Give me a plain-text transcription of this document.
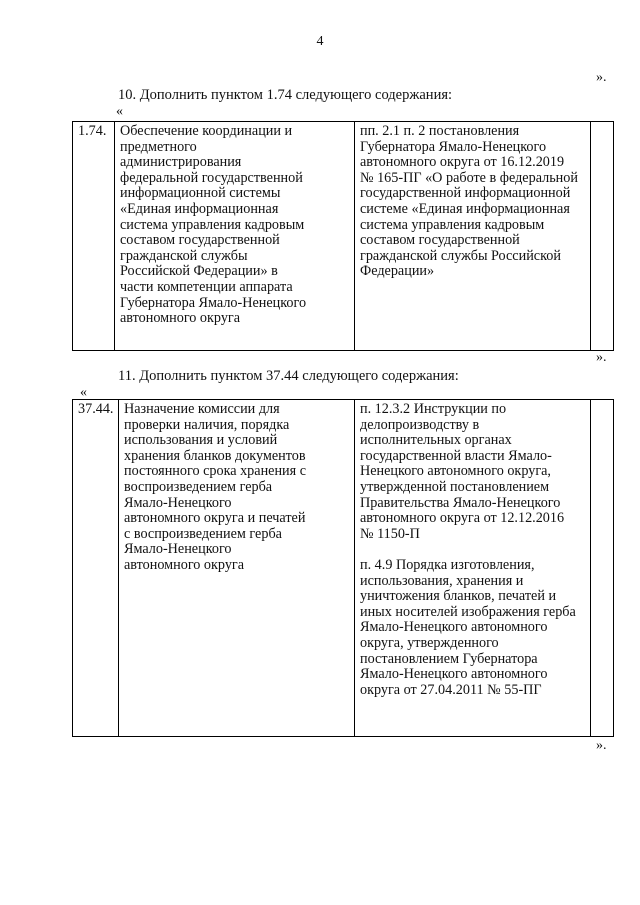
4
».
10. Дополнить пунктом 1.74 следующего содержания:
«
1.74.	Обеспечение координации и
предметного
администрирования
федеральной государственной
информационной системы
«Единая информационная
система управления кадровым
составом государственной
гражданской службы
Российской Федерации» в
части компетенции аппарата
Губернатора Ямало-Ненецкого
автономного округа	пп. 2.1 п. 2 постановления
Губернатора Ямало-Ненецкого
автономного округа от 16.12.2019
№ 165-ПГ «О работе в федеральной
государственной информационной
системе «Единая информационная
система управления кадровым
составом государственной
гражданской службы Российской
Федерации»	
».
11. Дополнить пунктом 37.44 следующего содержания:
«
37.44.	Назначение комиссии для
проверки наличия, порядка
использования и условий
хранения бланков документов
постоянного срока хранения с
воспроизведением герба
Ямало-Ненецкого
автономного округа и печатей
с воспроизведением герба
Ямало-Ненецкого
автономного округа	п. 12.3.2 Инструкции по
делопроизводству в
исполнительных органах
государственной власти Ямало-
Ненецкого автономного округа,
утвержденной постановлением
Правительства Ямало-Ненецкого
автономного округа от 12.12.2016
№ 1150-П

п. 4.9 Порядка изготовления,
использования, хранения и
уничтожения бланков, печатей и
иных носителей изображения герба
Ямало-Ненецкого автономного
округа, утвержденного
постановлением Губернатора
Ямало-Ненецкого автономного
округа от 27.04.2011 № 55-ПГ	
».
